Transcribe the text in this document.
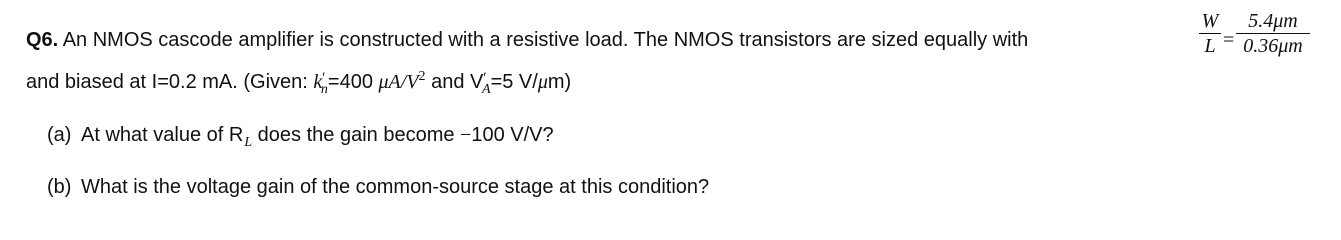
Q6. An NMOS cascode amplifier is constructed with a resistive load. The NMOS transistors are sized equally with
W
L =
5.4μm
0.36μm
and biased at I=0.2 mA. (Given: $k'_n=400$ $\mu A/V^2$ and $V'_A=5$ V/μm)
(a) At what value of $R_L$ does the gain become −100 V/V?
(b) What is the voltage gain of the common-source stage at this condition?
